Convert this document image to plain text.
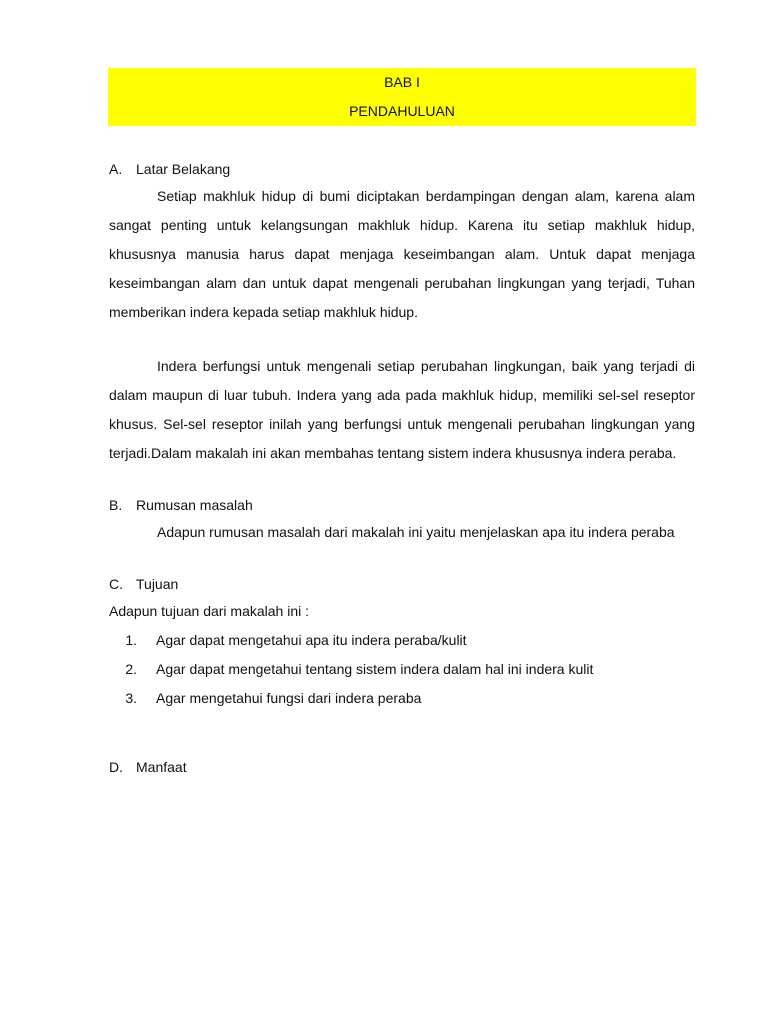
BAB I
PENDAHULUAN
A. Latar Belakang

Setiap makhluk hidup di bumi diciptakan berdampingan dengan alam, karena alam sangat penting untuk kelangsungan makhluk hidup. Karena itu setiap makhluk hidup, khususnya manusia harus dapat menjaga keseimbangan alam. Untuk dapat menjaga keseimbangan alam dan untuk dapat mengenali perubahan lingkungan yang terjadi, Tuhan memberikan indera kepada setiap makhluk hidup.

Indera berfungsi untuk mengenali setiap perubahan lingkungan, baik yang terjadi di dalam maupun di luar tubuh. Indera yang ada pada makhluk hidup, memiliki sel-sel reseptor khusus. Sel-sel reseptor inilah yang berfungsi untuk mengenali perubahan lingkungan yang terjadi.Dalam makalah ini akan membahas tentang sistem indera khususnya indera peraba.

B. Rumusan masalah

Adapun rumusan masalah dari makalah ini yaitu menjelaskan apa itu indera peraba

C. Tujuan

Adapun tujuan dari makalah ini :

1.	Agar dapat mengetahui apa itu indera peraba/kulit
2.	Agar dapat mengetahui tentang sistem indera dalam hal ini indera kulit
3.	Agar mengetahui fungsi dari indera peraba
D. Manfaat
